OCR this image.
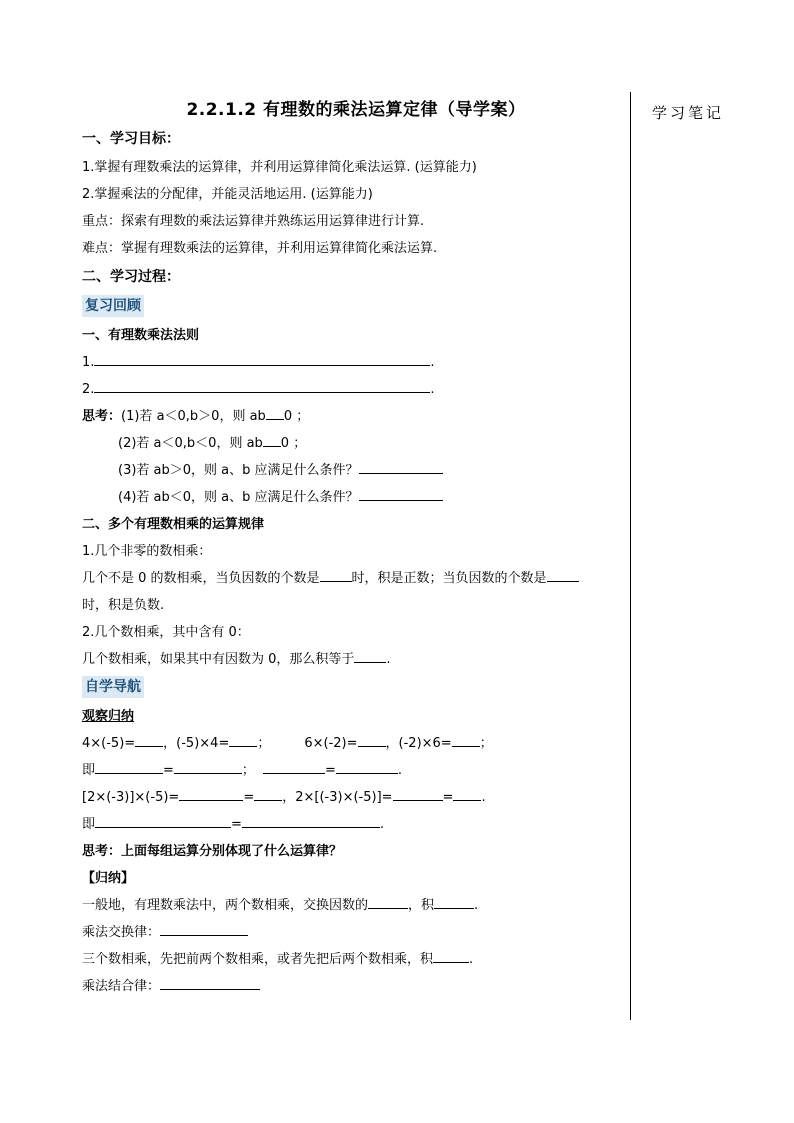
学习笔记
2.2.1.2 有理数的乘法运算定律（导学案）
一、学习目标：
1.掌握有理数乘法的运算律，并利用运算律简化乘法运算. (运算能力)
2.掌握乘法的分配律，并能灵活地运用. (运算能力)
重点：探索有理数的乘法运算律并熟练运用运算律进行计算.
难点：掌握有理数乘法的运算律，并利用运算律简化乘法运算.
二、学习过程：
复习回顾
一、有理数乘法法则
1.	.
2.	.
思考：(1)若 a＜0,b＞0，则 ab 0 ；
(2)若 a＜0,b＜0，则 ab 0 ；
(3)若 ab＞0，则 a、b 应满足什么条件？
(4)若 ab＜0，则 a、b 应满足什么条件？
二、多个有理数相乘的运算规律
1.几个非零的数相乘：
几个不是 0 的数相乘，当负因数的个数是 时，积是正数；当负因数的个数是
时，积是负数.
2.几个数相乘，其中含有 0：
几个数相乘，如果其中有因数为 0，那么积等于 .
自学导航
观察归纳
4×(-5)= ，(-5)×4= ；	6×(-2)= ，(-2)×6= ；
即	=	；	=	.
[2×(-3)]×(-5)=	= ，2×[(-3)×(-5)]=	= .
即	=	.
思考：上面每组运算分别体现了什么运算律？
【归纳】
一般地，有理数乘法中，两个数相乘，交换因数的	，积	.
乘法交换律：
三个数相乘，先把前两个数相乘，或者先把后两个数相乘，积	.
乘法结合律：
